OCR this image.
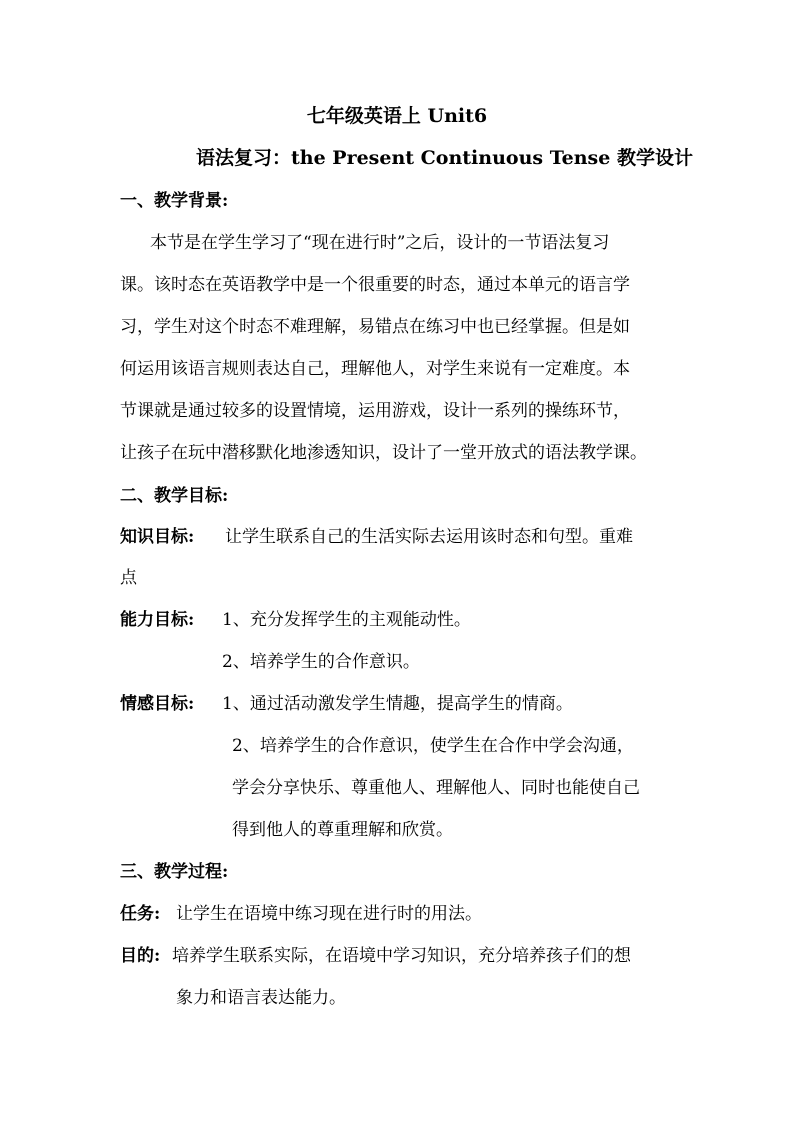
七年级英语上 Unit6
语法复习：the Present Continuous Tense 教学设计
一、教学背景:
本节是在学生学习了“现在进行时”之后，设计的一节语法复习
课。该时态在英语教学中是一个很重要的时态，通过本单元的语言学
习，学生对这个时态不难理解，易错点在练习中也已经掌握。但是如
何运用该语言规则表达自己，理解他人，对学生来说有一定难度。本
节课就是通过较多的设置情境，运用游戏，设计一系列的操练环节，
让孩子在玩中潜移默化地渗透知识，设计了一堂开放式的语法教学课。
二、教学目标:
知识目标: 让学生联系自己的生活实际去运用该时态和句型。重难
点
能力目标: 1、充分发挥学生的主观能动性。
2、培养学生的合作意识。
情感目标: 1、通过活动激发学生情趣，提高学生的情商。
2、培养学生的合作意识，使学生在合作中学会沟通，
学会分享快乐、尊重他人、理解他人、同时也能使自己
得到他人的尊重理解和欣赏。
三、教学过程:
任务: 让学生在语境中练习现在进行时的用法。
目的: 培养学生联系实际，在语境中学习知识，充分培养孩子们的想
象力和语言表达能力。
